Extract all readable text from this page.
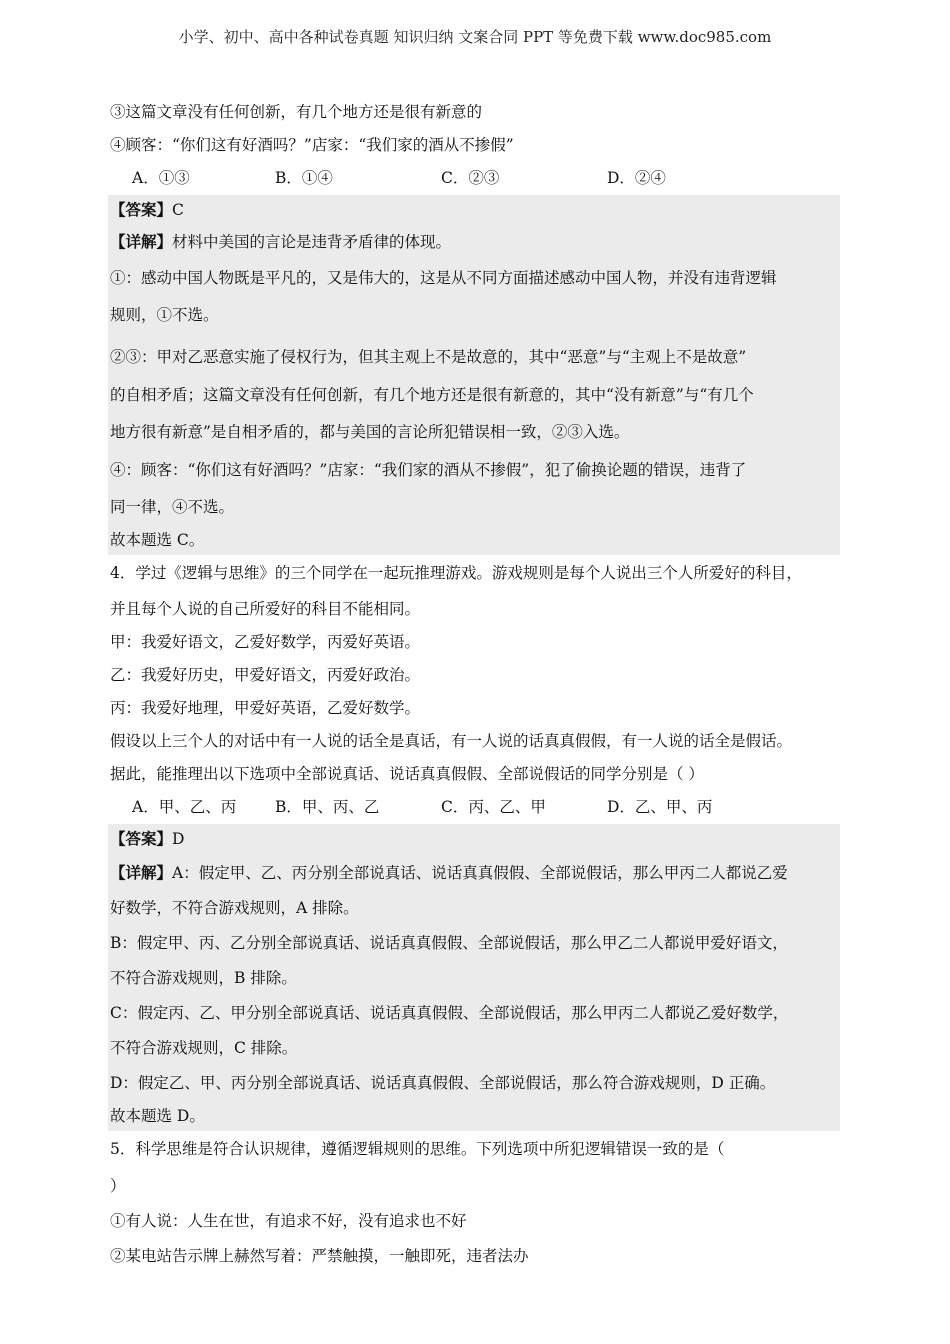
小学、初中、高中各种试卷真题 知识归纳 文案合同 PPT 等免费下载 www.doc985.com
③这篇文章没有任何创新，有几个地方还是很有新意的
④顾客：“你们这有好酒吗？”店家：“我们家的酒从不掺假”
A．①③	B．①④	C．②③	D．②④
【答案】C
【详解】材料中美国的言论是违背矛盾律的体现。
①：感动中国人物既是平凡的，又是伟大的，这是从不同方面描述感动中国人物，并没有违背逻辑
规则，①不选。
②③：甲对乙恶意实施了侵权行为，但其主观上不是故意的，其中“恶意”与“主观上不是故意”
的自相矛盾；这篇文章没有任何创新，有几个地方还是很有新意的，其中“没有新意”与“有几个
地方很有新意”是自相矛盾的，都与美国的言论所犯错误相一致，②③入选。
④：顾客：“你们这有好酒吗？”店家：“我们家的酒从不掺假”，犯了偷换论题的错误，违背了
同一律，④不选。
故本题选 C。
4．学过《逻辑与思维》的三个同学在一起玩推理游戏。游戏规则是每个人说出三个人所爱好的科目，
并且每个人说的自己所爱好的科目不能相同。
甲：我爱好语文，乙爱好数学，丙爱好英语。
乙：我爱好历史，甲爱好语文，丙爱好政治。
丙：我爱好地理，甲爱好英语，乙爱好数学。
假设以上三个人的对话中有一人说的话全是真话，有一人说的话真真假假，有一人说的话全是假话。
据此，能推理出以下选项中全部说真话、说话真真假假、全部说假话的同学分别是（ ）
A．甲、乙、丙	B．甲、丙、乙	C．丙、乙、甲	D．乙、甲、丙
【答案】D
【详解】A：假定甲、乙、丙分别全部说真话、说话真真假假、全部说假话，那么甲丙二人都说乙爱
好数学，不符合游戏规则，A 排除。
B：假定甲、丙、乙分别全部说真话、说话真真假假、全部说假话，那么甲乙二人都说甲爱好语文，
不符合游戏规则，B 排除。
C：假定丙、乙、甲分别全部说真话、说话真真假假、全部说假话，那么甲丙二人都说乙爱好数学，
不符合游戏规则，C 排除。
D：假定乙、甲、丙分别全部说真话、说话真真假假、全部说假话，那么符合游戏规则，D 正确。
故本题选 D。
5．科学思维是符合认识规律，遵循逻辑规则的思维。下列选项中所犯逻辑错误一致的是（
）
①有人说：人生在世，有追求不好，没有追求也不好
②某电站告示牌上赫然写着：严禁触摸，一触即死，违者法办
